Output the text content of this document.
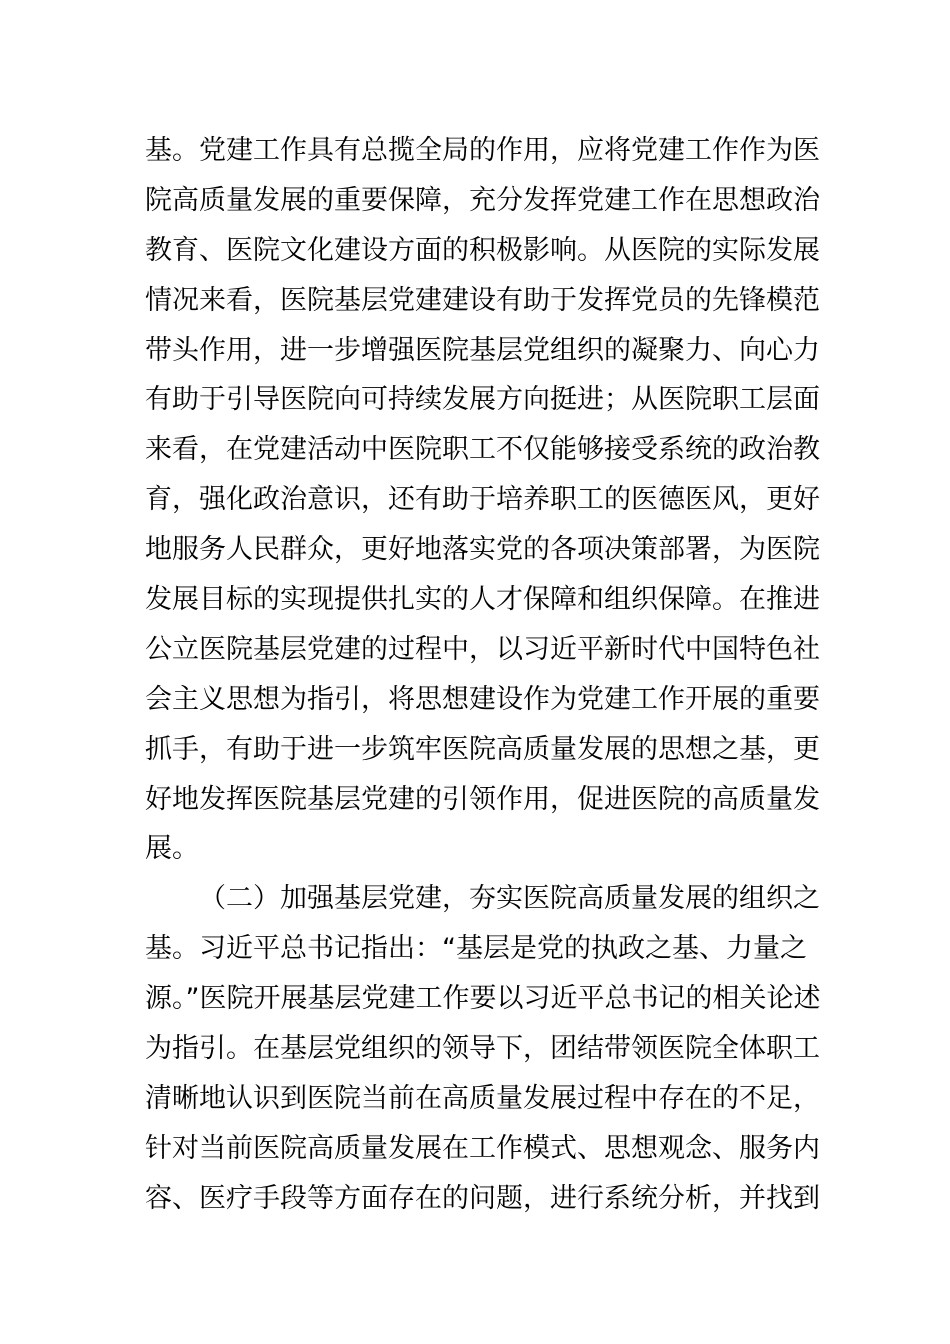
基。党建工作具有总揽全局的作用，应将党建工作作为医
院高质量发展的重要保障，充分发挥党建工作在思想政治
教育、医院文化建设方面的积极影响。从医院的实际发展
情况来看，医院基层党建建设有助于发挥党员的先锋模范
带头作用，进一步增强医院基层党组织的凝聚力、向心力
有助于引导医院向可持续发展方向挺进；从医院职工层面
来看，在党建活动中医院职工不仅能够接受系统的政治教
育，强化政治意识，还有助于培养职工的医德医风，更好
地服务人民群众，更好地落实党的各项决策部署，为医院
发展目标的实现提供扎实的人才保障和组织保障。在推进
公立医院基层党建的过程中，以习近平新时代中国特色社
会主义思想为指引，将思想建设作为党建工作开展的重要
抓手，有助于进一步筑牢医院高质量发展的思想之基，更
好地发挥医院基层党建的引领作用，促进医院的高质量发
展。
（二）加强基层党建，夯实医院高质量发展的组织之
基。习近平总书记指出：“基层是党的执政之基、力量之
源。”医院开展基层党建工作要以习近平总书记的相关论述
为指引。在基层党组织的领导下，团结带领医院全体职工
清晰地认识到医院当前在高质量发展过程中存在的不足，
针对当前医院高质量发展在工作模式、思想观念、服务内
容、医疗手段等方面存在的问题，进行系统分析，并找到
